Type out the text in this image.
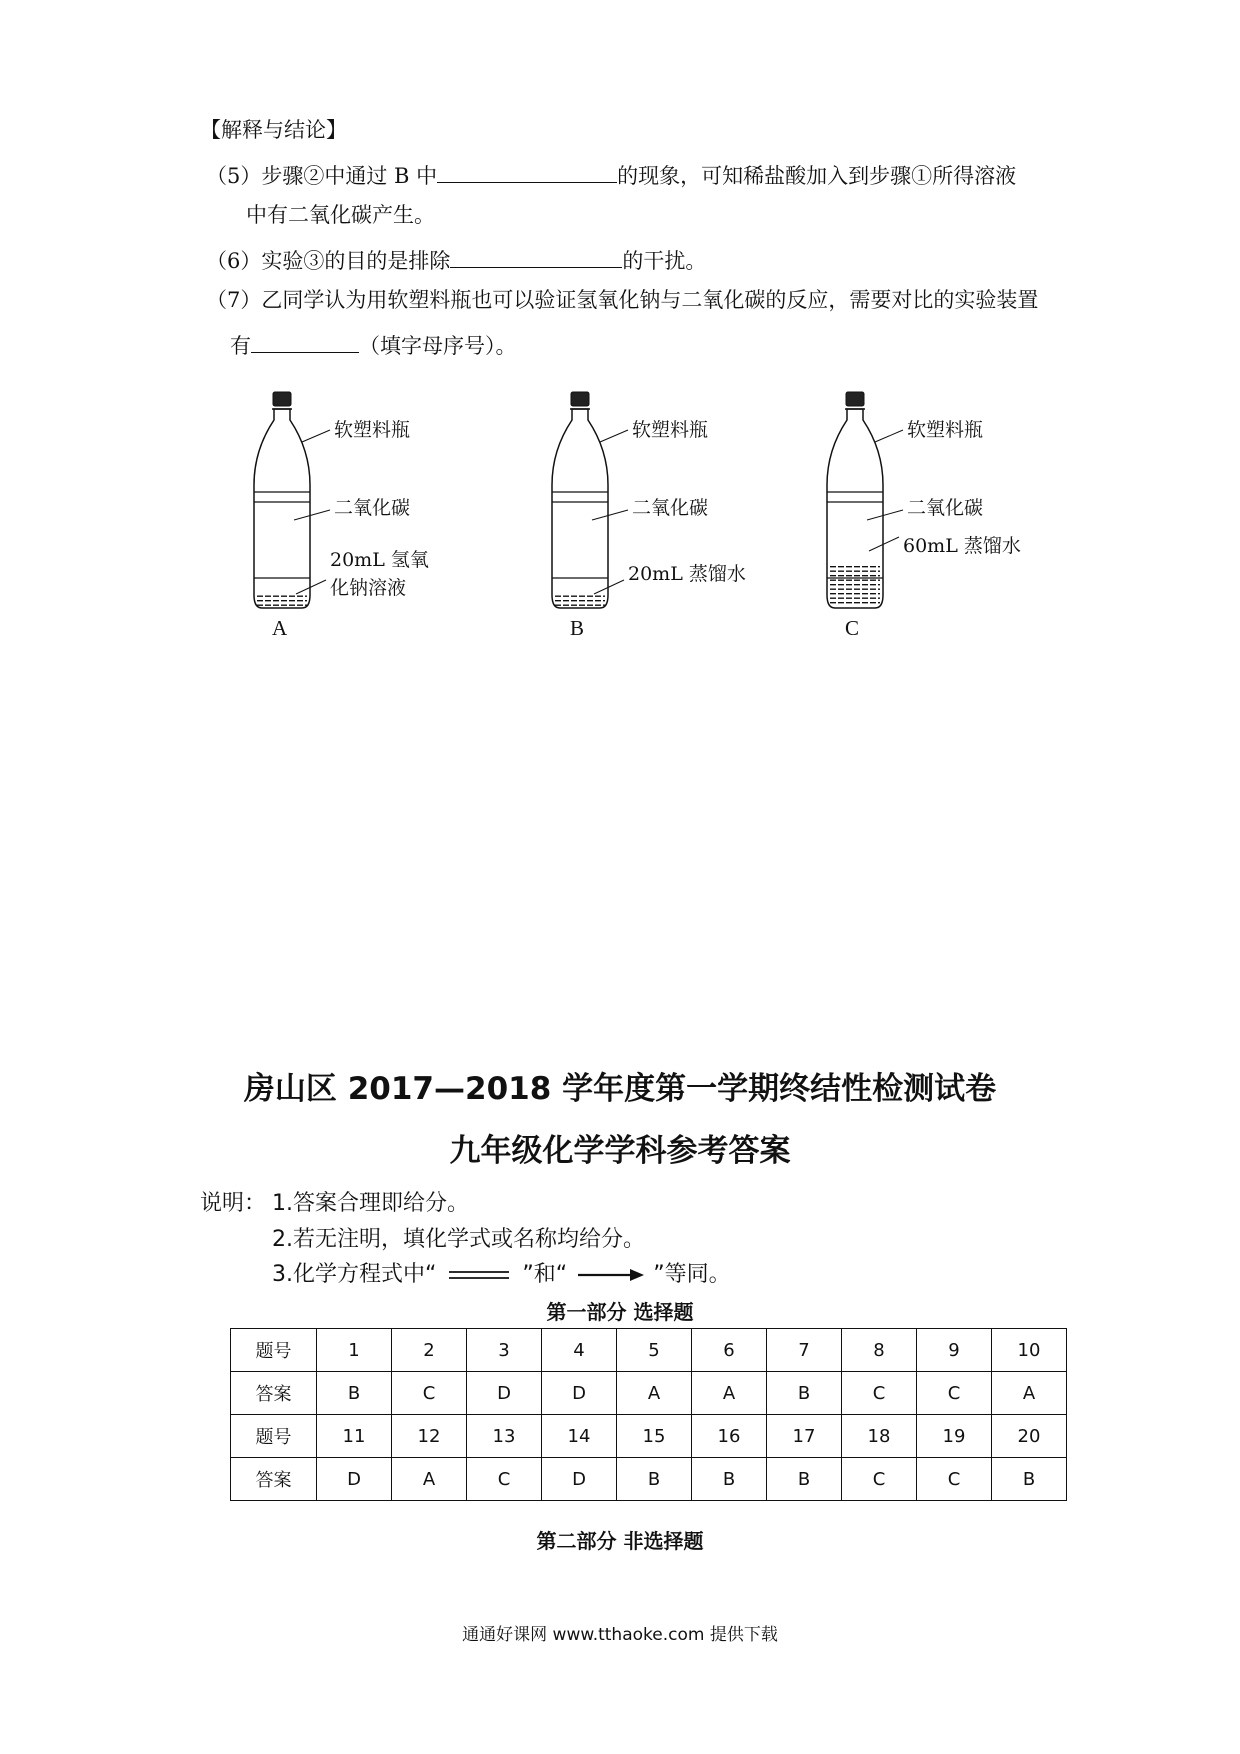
【解释与结论】
（5）步骤②中通过 B 中	的现象，可知稀盐酸加入到步骤①所得溶液
中有二氧化碳产生。
（6）实验③的目的是排除	的干扰。
（7）乙同学认为用软塑料瓶也可以验证氢氧化钠与二氧化碳的反应，需要对比的实验装置
有	（填字母序号）。
软塑料瓶
二氧化碳
20mL 氢氧
化钠溶液
A
软塑料瓶
二氧化碳
20mL 蒸馏水
B
软塑料瓶
二氧化碳
60mL 蒸馏水
C
房山区 2017—2018 学年度第一学期终结性检测试卷
九年级化学学科参考答案
说明： 1.答案合理即给分。
2.若无注明，填化学式或名称均给分。
3.化学方程式中“	”和“	”等同。
第一部分 选择题
题号	1	2	3	4	5	6	7	8	9	10
答案	B	C	D	D	A	A	B	C	C	A
题号	11	12	13	14	15	16	17	18	19	20
答案	D	A	C	D	B	B	B	C	C	B
第二部分 非选择题
通通好课网 www.tthaoke.com 提供下载
